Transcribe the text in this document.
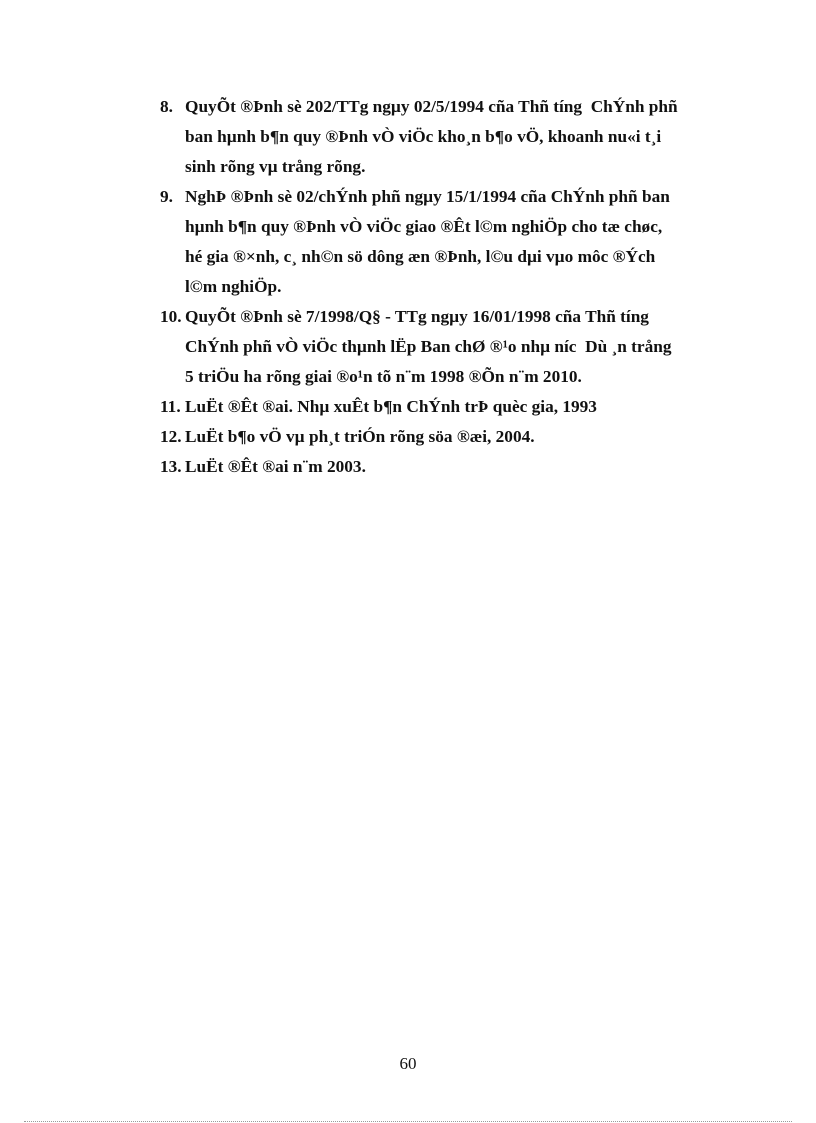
8. QuyÕt ®Þnh sè 202/TTg ngµy 02/5/1994 cña Thñ tíng  ChÝnh phñ
ban hµnh b¶n quy ®Þnh vÒ viÖc kho¸n b¶o vÖ, khoanh nu«i t¸i
sinh rõng vµ trång rõng.
9. NghÞ ®Þnh sè 02/chÝnh phñ ngµy 15/1/1994 cña ChÝnh phñ ban
hµnh b¶n quy ®Þnh vÒ viÖc giao ®Êt l©m nghiÖp cho tæ chøc,
hé gia ®×nh, c¸ nh©n sö dông æn ®Þnh, l©u dµi vµo môc ®Ých
l©m nghiÖp.
10. QuyÕt ®Þnh sè 7/1998/Q§ - TTg ngµy 16/01/1998 cña Thñ tíng
ChÝnh phñ vÒ viÖc thµnh lËp Ban chØ ®¹o nhµ níc  Dù ¸n trång
5 triÖu ha rõng giai ®o¹n tõ n¨m 1998 ®Õn n¨m 2010.
11. LuËt ®Êt ®ai. Nhµ xuÊt b¶n ChÝnh trÞ quèc gia, 1993
12. LuËt b¶o vÖ vµ ph¸t triÓn rõng söa ®æi, 2004.
13. LuËt ®Êt ®ai n¨m 2003.
60
